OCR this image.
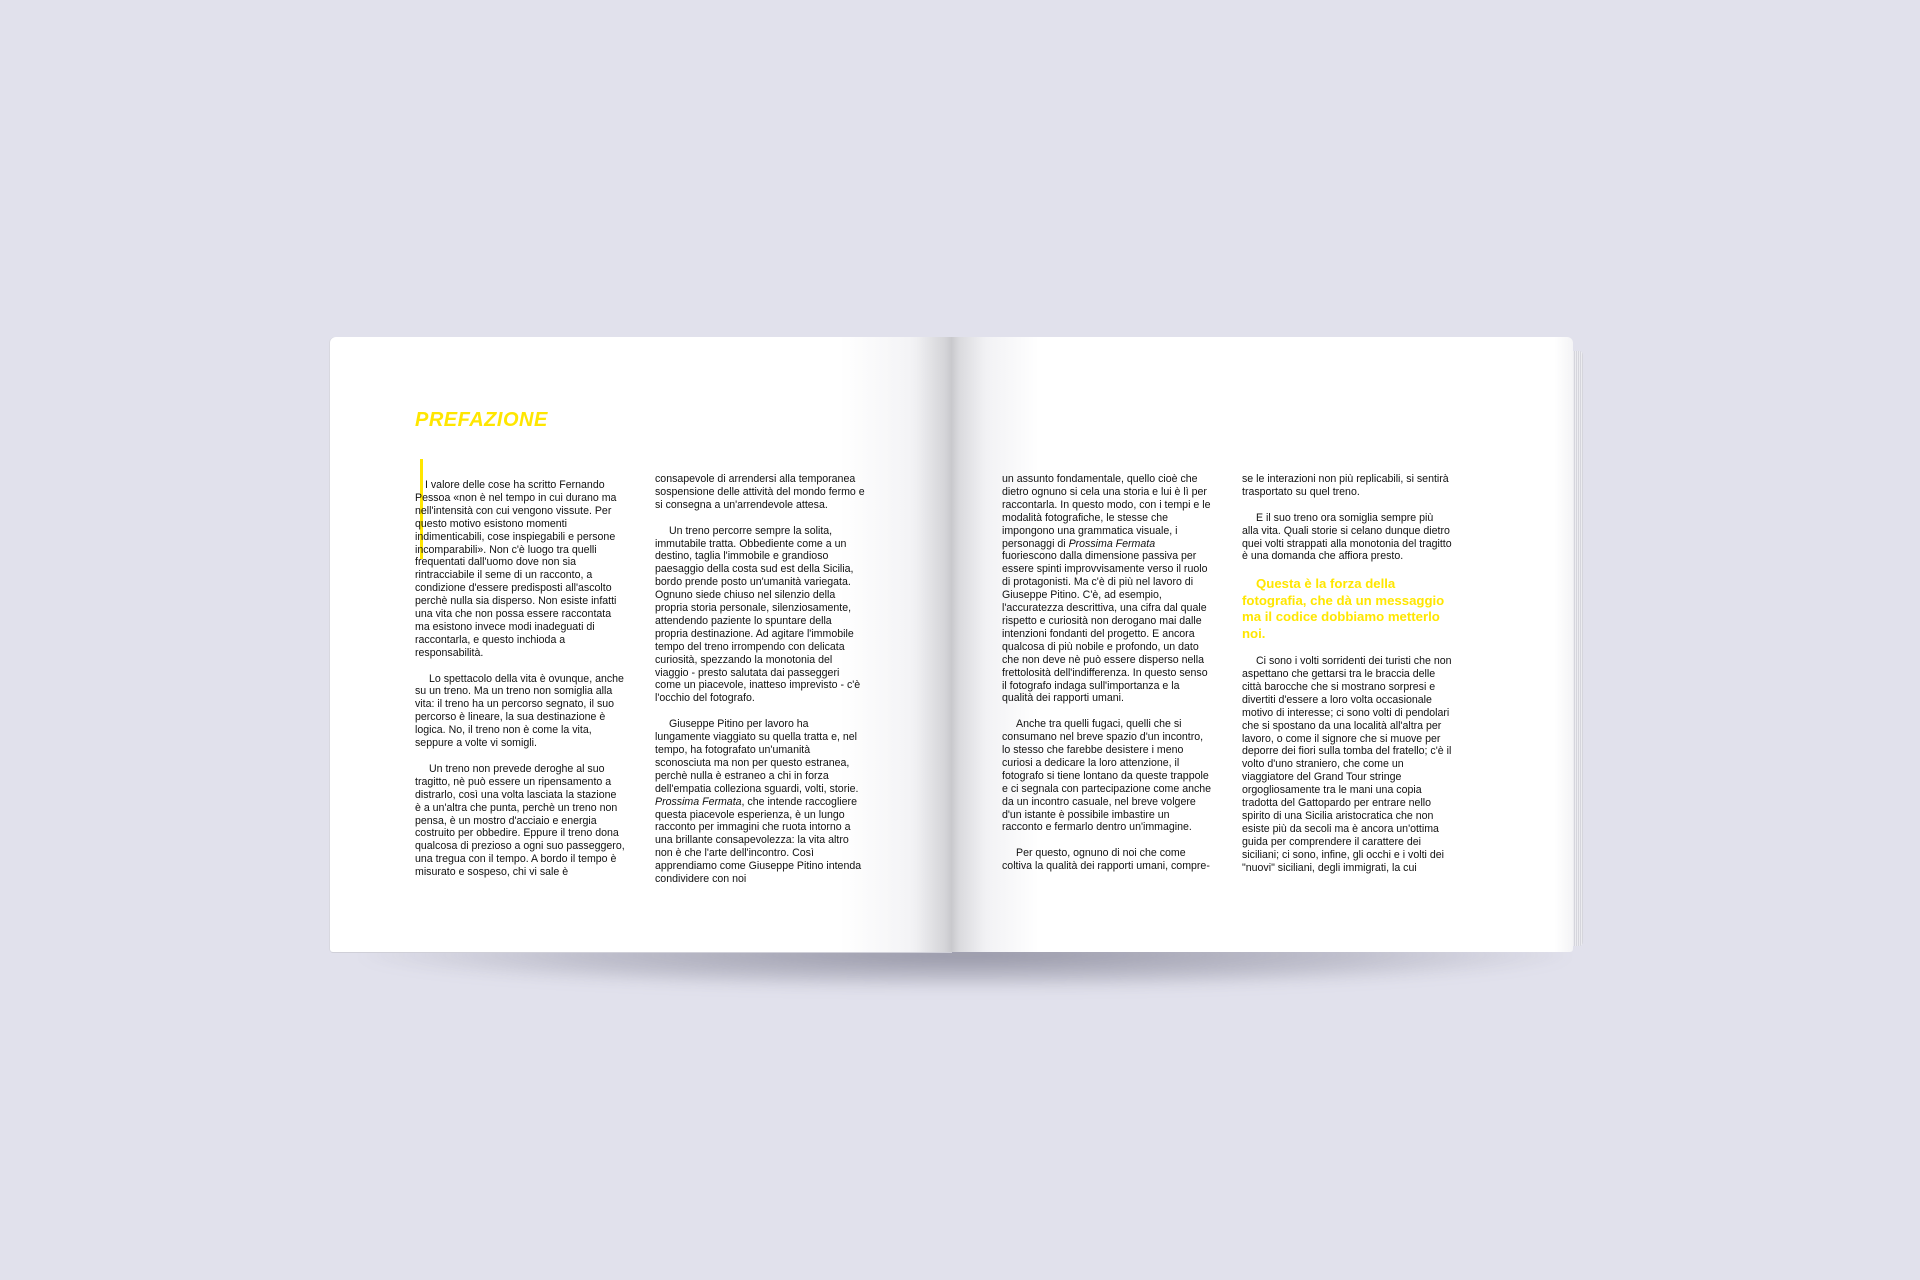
PREFAZIONE

I valore delle cose ha scritto Fernando Pessoa «non è nel tempo in cui durano ma nell'intensità con cui vengono vissute. Per questo motivo esistono momenti indimenticabili, cose inspiegabili e persone incomparabili». Non c'è luogo tra quelli frequentati dall'uomo dove non sia rintracciabile il seme di un racconto, a condizione d'essere predisposti all'ascolto perchè nulla sia disperso. Non esiste infatti una vita che non possa essere raccontata ma esistono invece modi inadeguati di raccontarla, e questo inchioda a responsabilità.

Lo spettacolo della vita è ovunque, anche su un treno. Ma un treno non somiglia alla vita: il treno ha un percorso segnato, il suo percorso è lineare, la sua destinazione è logica. No, il treno non è come la vita, seppure a volte vi somigli.

Un treno non prevede deroghe al suo tragitto, nè può essere un ripensamento a distrarlo, così una volta lasciata la stazione è a un'altra che punta, perchè un treno non pensa, è un mostro d'acciaio e energia costruito per obbedire. Eppure il treno dona qualcosa di prezioso a ogni suo passeggero, una tregua con il tempo. A bordo il tempo è misurato e sospeso, chi vi sale è

consapevole di arrendersi alla temporanea sospensione delle attività del mondo fermo e si consegna a un'arrendevole attesa.

Un treno percorre sempre la solita, immutabile tratta. Obbediente come a un destino, taglia l'immobile e grandioso paesaggio della costa sud est della Sicilia, bordo prende posto un'umanità variegata. Ognuno siede chiuso nel silenzio della propria storia personale, silenziosamente, attendendo paziente lo spuntare della propria destinazione. Ad agitare l'immobile tempo del treno irrompendo con delicata curiosità, spezzando la monotonia del viaggio - presto salutata dai passeggeri come un piacevole, inatteso imprevisto - c'è l'occhio del fotografo.

Giuseppe Pitino per lavoro ha lungamente viaggiato su quella tratta e, nel tempo, ha fotografato un'umanità sconosciuta ma non per questo estranea, perchè nulla è estraneo a chi in forza dell'empatia colleziona sguardi, volti, storie. Prossima Fermata, che intende raccogliere questa piacevole esperienza, è un lungo racconto per immagini che ruota intorno a una brillante consapevolezza: la vita altro non è che l'arte dell'incontro. Così apprendiamo come Giuseppe Pitino intenda condividere con noi

un assunto fondamentale, quello cioè che dietro ognuno si cela una storia e lui è lì per raccontarla. In questo modo, con i tempi e le modalità fotografiche, le stesse che impongono una grammatica visuale, i personaggi di Prossima Fermata fuoriescono dalla dimensione passiva per essere spinti improvvisamente verso il ruolo di protagonisti. Ma c'è di più nel lavoro di Giuseppe Pitino. C'è, ad esempio, l'accuratezza descrittiva, una cifra dal quale rispetto e curiosità non derogano mai dalle intenzioni fondanti del progetto. E ancora qualcosa di più nobile e profondo, un dato che non deve nè può essere disperso nella frettolosità dell'indifferenza. In questo senso il fotografo indaga sull'importanza e la qualità dei rapporti umani.

Anche tra quelli fugaci, quelli che si consumano nel breve spazio d'un incontro, lo stesso che farebbe desistere i meno curiosi a dedicare la loro attenzione, il fotografo si tiene lontano da queste trappole e ci segnala con partecipazione come anche da un incontro casuale, nel breve volgere d'un istante è possibile imbastire un racconto e fermarlo dentro un'immagine.

Per questo, ognuno di noi che come coltiva la qualità dei rapporti umani, compre-

se le interazioni non più replicabili, si sentirà trasportato su quel treno.

E il suo treno ora somiglia sempre più alla vita. Quali storie si celano dunque dietro quei volti strappati alla monotonia del tragitto è una domanda che affiora presto.

Questa è la forza della fotografia, che dà un messaggio ma il codice dobbiamo metterlo noi.

Ci sono i volti sorridenti dei turisti che non aspettano che gettarsi tra le braccia delle città barocche che si mostrano sorpresi e divertiti d'essere a loro volta occasionale motivo di interesse; ci sono volti di pendolari che si spostano da una località all'altra per lavoro, o come il signore che si muove per deporre dei fiori sulla tomba del fratello; c'è il volto d'uno straniero, che come un viaggiatore del Grand Tour stringe orgogliosamente tra le mani una copia tradotta del Gattopardo per entrare nello spirito di una Sicilia aristocratica che non esiste più da secoli ma è ancora un'ottima guida per comprendere il carattere dei siciliani; ci sono, infine, gli occhi e i volti dei "nuovi" siciliani, degli immigrati, la cui
